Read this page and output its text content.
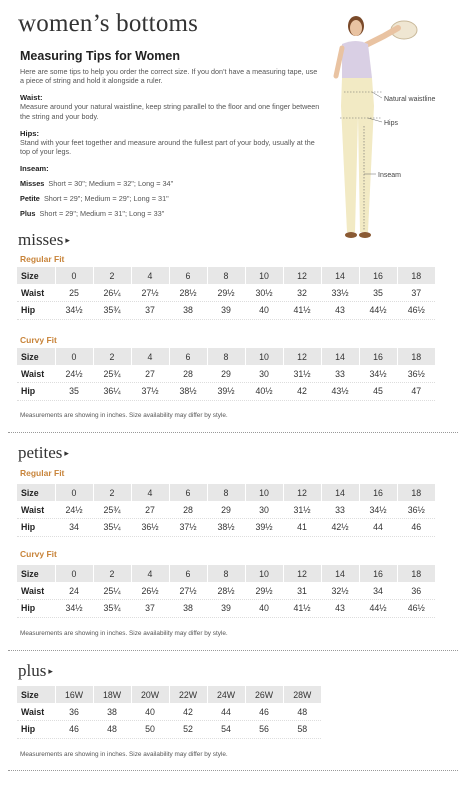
women’s bottoms
Measuring Tips for Women
Here are some tips to help you order the correct size. If you don’t have a measuring tape, use a piece of string and hold it alongside a ruler.
Waist:
Measure around your natural waistline, keep string parallel to the floor and one finger between the string and your body.
Hips:
Stand with your feet together and measure around the fullest part of your body, usually at the top of your legs.
Inseam:
Misses Short = 30"; Medium = 32"; Long = 34"
Petite Short = 29"; Medium = 29"; Long = 31"
Plus Short = 29"; Medium = 31"; Long = 33"
Natural waistline
Hips
Inseam
misses ▸
Regular Fit
Size	0	2	4	6	8	10	12	14	16	18
Waist	25	26¼	27½	28½	29½	30½	32	33½	35	37
Hip	34½	35¾	37	38	39	40	41½	43	44½	46½
Curvy Fit
Size	0	2	4	6	8	10	12	14	16	18
Waist	24½	25¾	27	28	29	30	31½	33	34½	36½
Hip	35	36¼	37½	38½	39½	40½	42	43½	45	47
Measurements are showing in inches. Size availability may differ by style.
petites ▸
Regular Fit
Size	0	2	4	6	8	10	12	14	16	18
Waist	24½	25¾	27	28	29	30	31½	33	34½	36½
Hip	34	35¼	36½	37½	38½	39½	41	42½	44	46
Curvy Fit
Size	0	2	4	6	8	10	12	14	16	18
Waist	24	25¼	26½	27½	28½	29½	31	32½	34	36
Hip	34½	35¾	37	38	39	40	41½	43	44½	46½
Measurements are showing in inches. Size availability may differ by style.
plus ▸
Size	16W	18W	20W	22W	24W	26W	28W
Waist	36	38	40	42	44	46	48
Hip	46	48	50	52	54	56	58
Measurements are showing in inches. Size availability may differ by style.
